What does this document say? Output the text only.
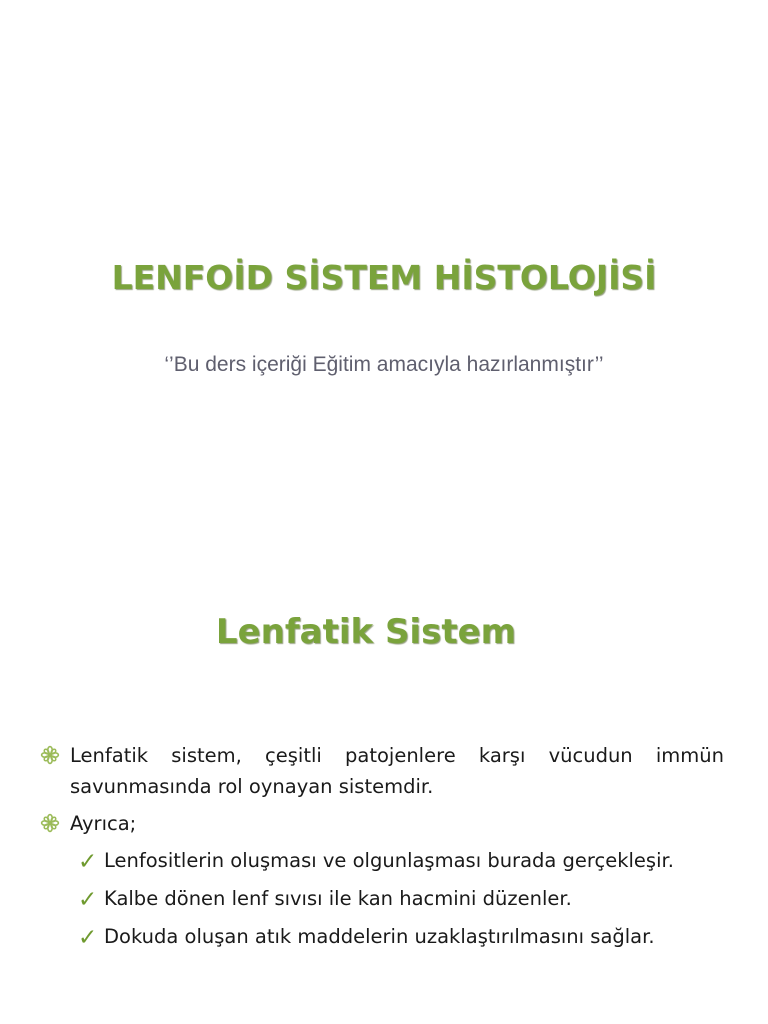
LENFOİD SİSTEM HİSTOLOJİSİ

‘’Bu ders içeriği Eğitim amacıyla hazırlanmıştır’’

Lenfatik Sistem
Lenfatik sistem, çeşitli patojenlere karşı vücudun immün savunmasında rol oynayan sistemdir.
Ayrıca;
✓ Lenfositlerin oluşması ve olgunlaşması burada gerçekleşir.
✓ Kalbe dönen lenf sıvısı ile kan hacmini düzenler.
✓ Dokuda oluşan atık maddelerin uzaklaştırılmasını sağlar.
